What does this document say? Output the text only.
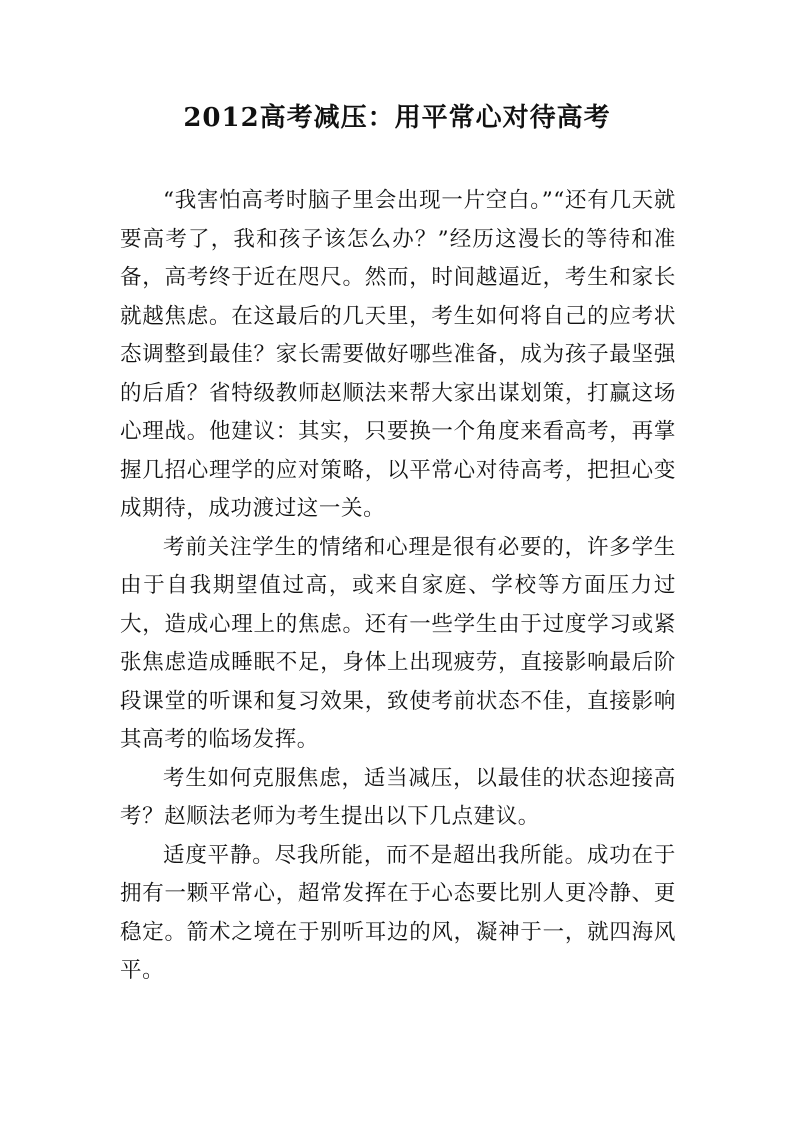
2012高考减压：用平常心对待高考

“我害怕高考时脑子里会出现一片空白。”“还有几天就要高考了，我和孩子该怎么办？”经历这漫长的等待和准备，高考终于近在咫尺。然而，时间越逼近，考生和家长就越焦虑。在这最后的几天里，考生如何将自己的应考状态调整到最佳？家长需要做好哪些准备，成为孩子最坚强的后盾？省特级教师赵顺法来帮大家出谋划策，打赢这场心理战。他建议：其实，只要换一个角度来看高考，再掌握几招心理学的应对策略，以平常心对待高考，把担心变成期待，成功渡过这一关。

考前关注学生的情绪和心理是很有必要的，许多学生由于自我期望值过高，或来自家庭、学校等方面压力过大，造成心理上的焦虑。还有一些学生由于过度学习或紧张焦虑造成睡眠不足，身体上出现疲劳，直接影响最后阶段课堂的听课和复习效果，致使考前状态不佳，直接影响其高考的临场发挥。

考生如何克服焦虑，适当减压，以最佳的状态迎接高考？赵顺法老师为考生提出以下几点建议。

适度平静。尽我所能，而不是超出我所能。成功在于拥有一颗平常心，超常发挥在于心态要比别人更冷静、更稳定。箭术之境在于别听耳边的风，凝神于一，就四海风平。
